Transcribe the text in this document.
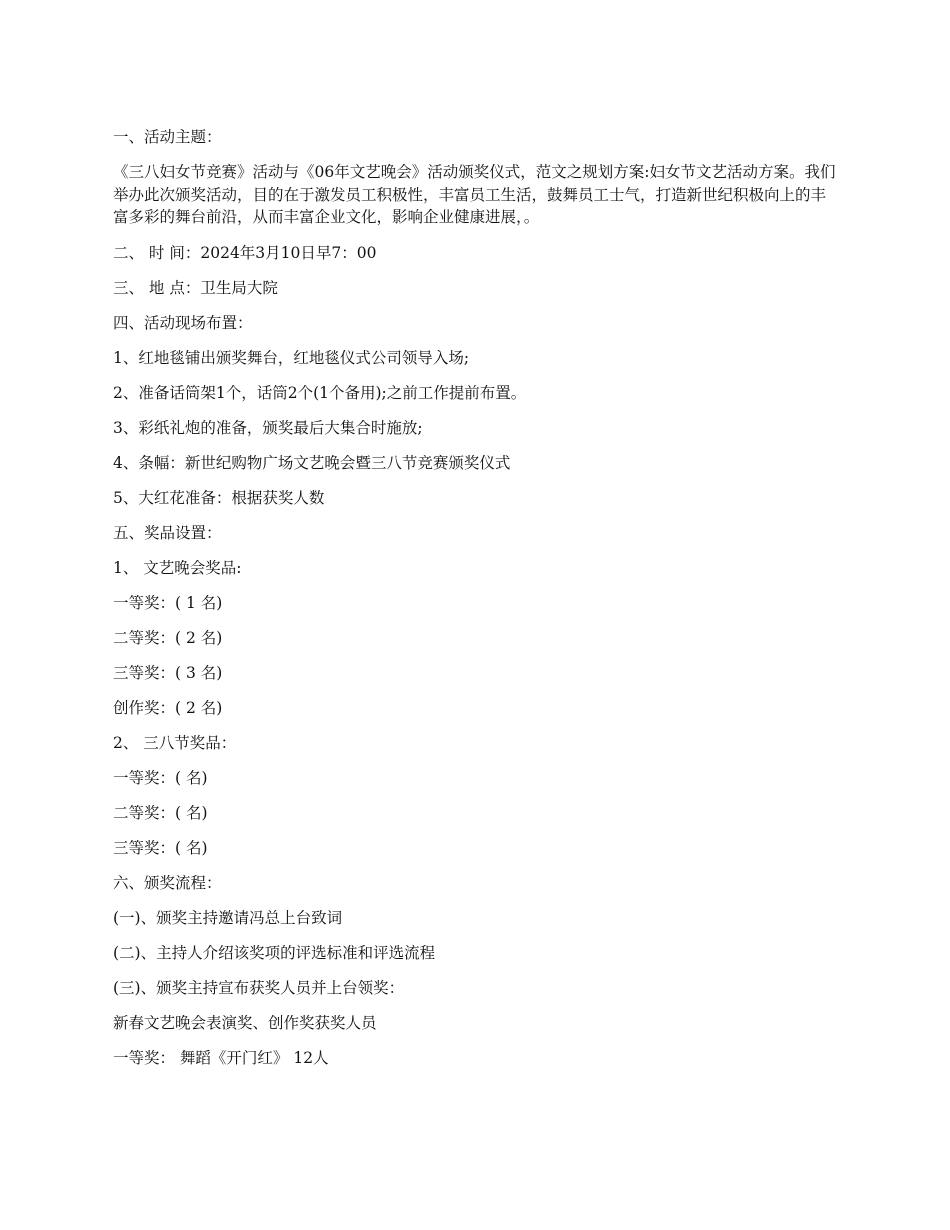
一、活动主题：

《三八妇女节竞赛》活动与《06年文艺晚会》活动颁奖仪式，范文之规划方案:妇女节文艺活动方案。我们举办此次颁奖活动，目的在于激发员工积极性，丰富员工生活，鼓舞员工士气，打造新世纪积极向上的丰富多彩的舞台前沿，从而丰富企业文化，影响企业健康进展，。

二、 时 间：2024年3月10日早7：00

三、 地 点：卫生局大院

四、活动现场布置：

1、红地毯铺出颁奖舞台，红地毯仪式公司领导入场;

2、准备话筒架1个，话筒2个(1个备用);之前工作提前布置。

3、彩纸礼炮的准备，颁奖最后大集合时施放;

4、条幅：新世纪购物广场文艺晚会暨三八节竞赛颁奖仪式

5、大红花准备：根据获奖人数

五、奖品设置：

1、 文艺晚会奖品:

一等奖：( 1 名)

二等奖：( 2 名)

三等奖：( 3 名)

创作奖：( 2 名)

2、 三八节奖品：

一等奖：( 名)

二等奖：( 名)

三等奖：( 名)

六、颁奖流程：

(一)、颁奖主持邀请冯总上台致词

(二)、主持人介绍该奖项的评选标准和评选流程

(三)、颁奖主持宣布获奖人员并上台领奖：

新春文艺晚会表演奖、创作奖获奖人员

一等奖： 舞蹈《开门红》 12人
